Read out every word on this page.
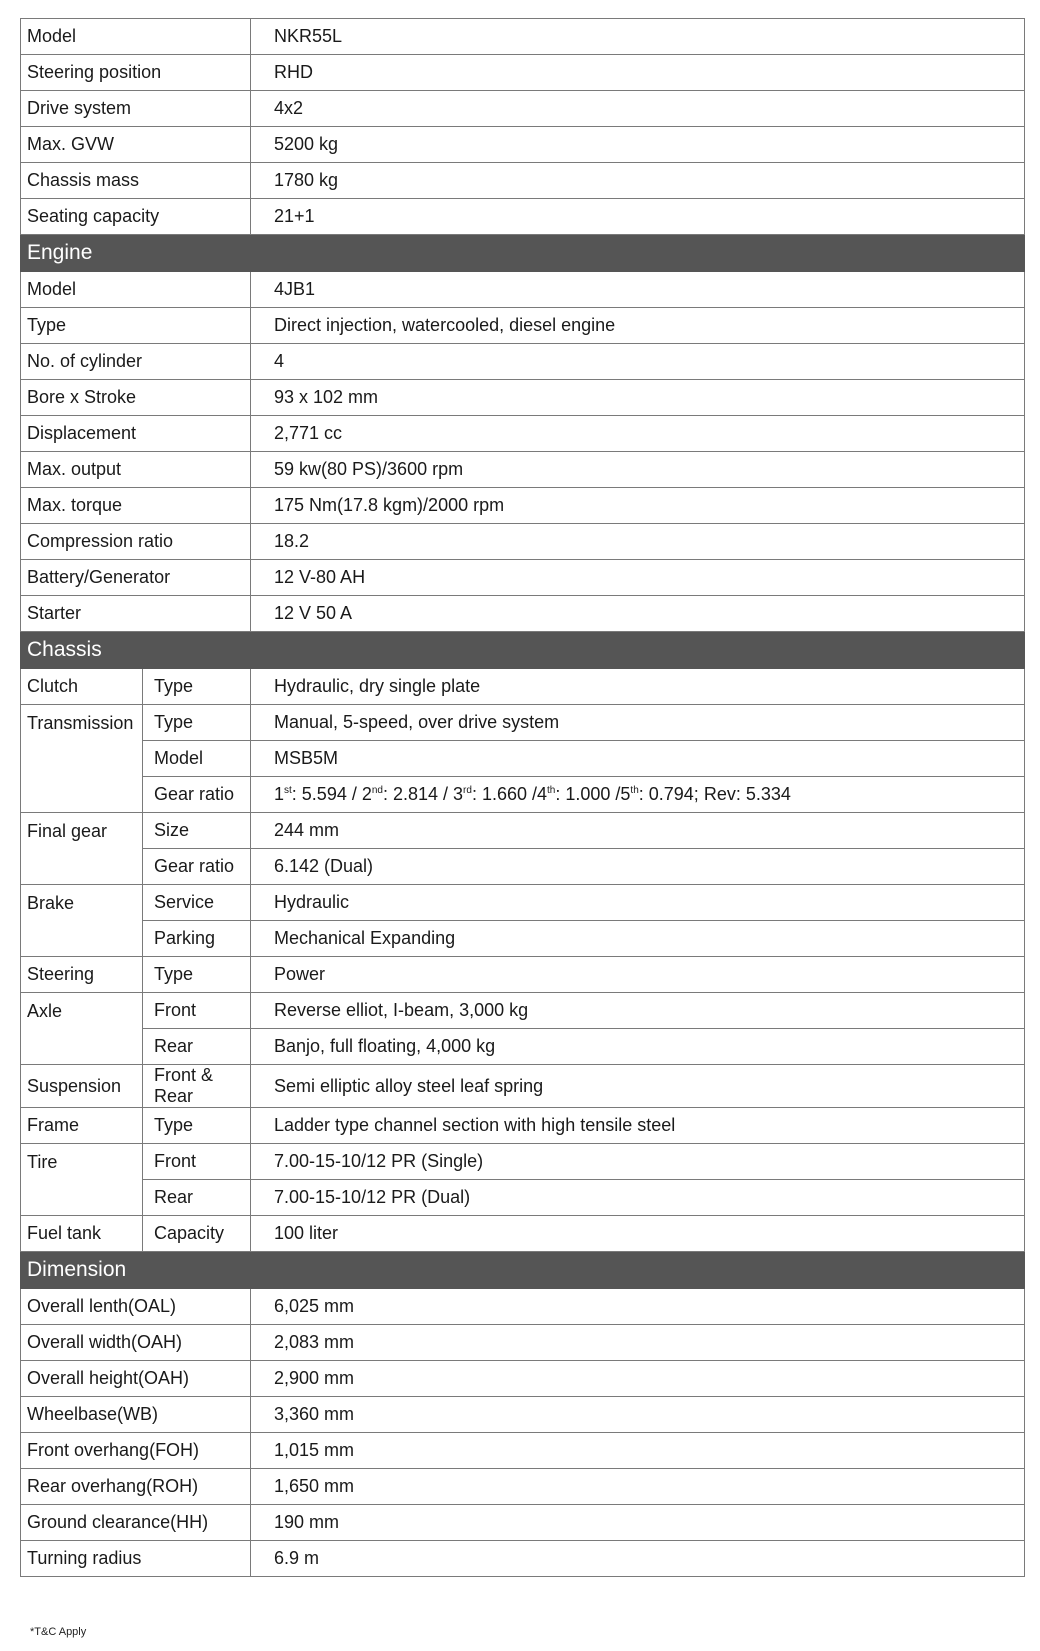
Model		NKR55L
Steering position		RHD
Drive system		4x2
Max. GVW		5200 kg
Chassis mass		1780 kg
Seating capacity		21+1
Engine		
Model		4JB1
Type		Direct injection, watercooled, diesel engine
No. of cylinder		4
Bore x Stroke		93 x 102 mm
Displacement		2,771 cc
Max. output		59 kw(80 PS)/3600 rpm
Max. torque		175 Nm(17.8 kgm)/2000 rpm
Compression ratio		18.2
Battery/Generator		12 V-80 AH
Starter		12 V 50 A
Chassis		
Clutch	Type	Hydraulic, dry single plate
Transmission	Type	Manual, 5-speed, over drive system
	Model	MSB5M
	Gear ratio	1st: 5.594 / 2nd: 2.814 / 3rd: 1.660 /4th: 1.000 /5th: 0.794; Rev: 5.334
Final gear	Size	244 mm
	Gear ratio	6.142 (Dual)
Brake	Service	Hydraulic
	Parking	Mechanical Expanding
Steering	Type	Power
Axle	Front	Reverse elliot, I-beam, 3,000 kg
	Rear	Banjo, full floating, 4,000 kg
Suspension	Front & Rear	Semi elliptic alloy steel leaf spring
Frame	Type	Ladder type channel section with high tensile steel
Tire	Front	7.00-15-10/12 PR (Single)
	Rear	7.00-15-10/12 PR (Dual)
Fuel tank	Capacity	100 liter
Dimension		
Overall lenth(OAL)		6,025 mm
Overall width(OAH)		2,083 mm
Overall height(OAH)		2,900 mm
Wheelbase(WB)		3,360 mm
Front overhang(FOH)		1,015 mm
Rear overhang(ROH)		1,650 mm
Ground clearance(HH)		190 mm
Turning radius		6.9 m
*T&C Apply
